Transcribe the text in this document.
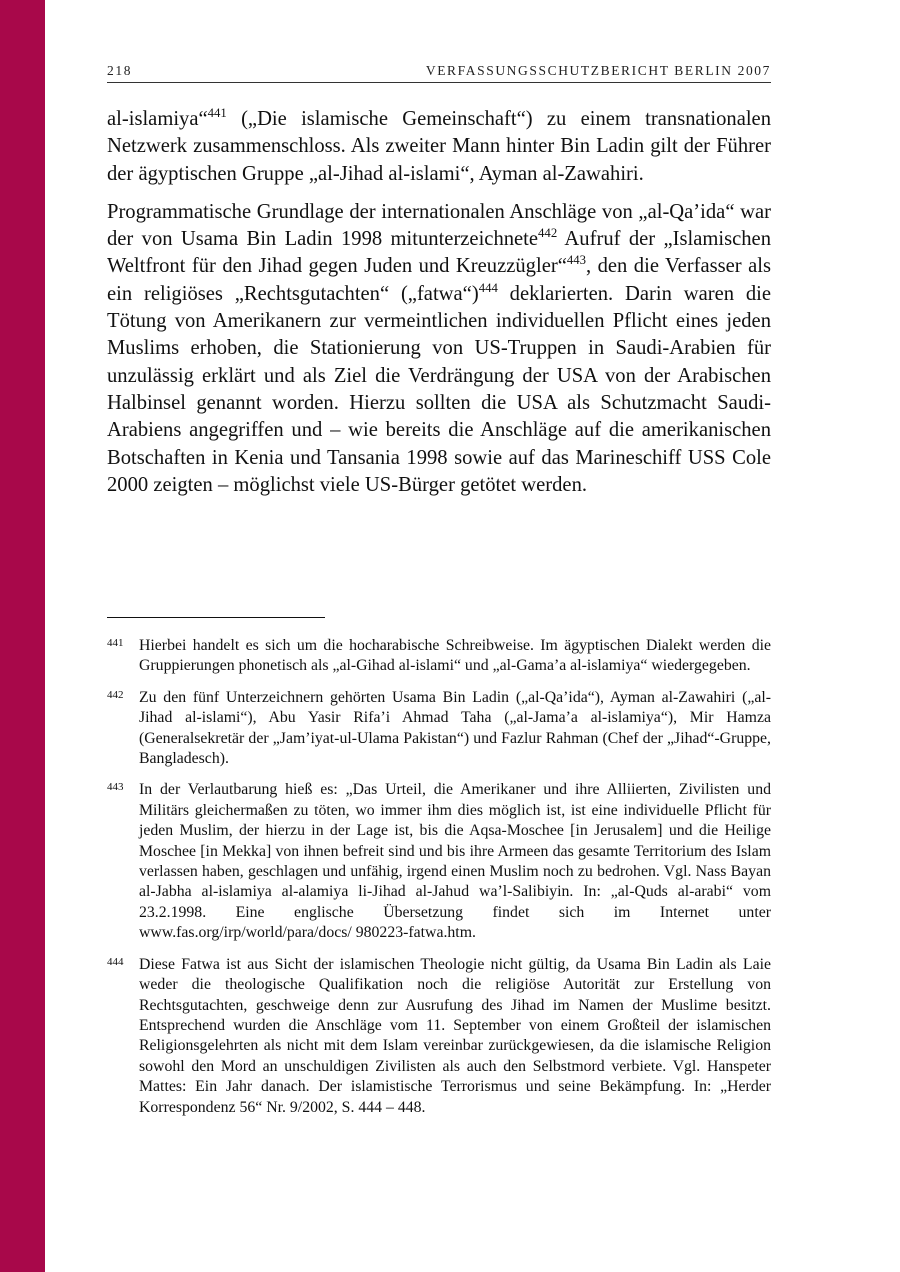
218	VERFASSUNGSSCHUTZBERICHT BERLIN 2007

al-islamiya“$^{441}$ („Die islamische Gemeinschaft“) zu einem transnationalen Netzwerk zusammenschloss. Als zweiter Mann hinter Bin Ladin gilt der Führer der ägyptischen Gruppe „al-Jihad al-islami“, Ayman al-Zawahiri.

Programmatische Grundlage der internationalen Anschläge von „al-Qa’ida“ war der von Usama Bin Ladin 1998 mitunterzeichnete$^{442}$ Aufruf der „Islamischen Weltfront für den Jihad gegen Juden und Kreuzzügler“$^{443}$, den die Verfasser als ein religiöses „Rechtsgutachten“ („fatwa“)$^{444}$ deklarierten. Darin waren die Tötung von Amerikanern zur vermeintlichen individuellen Pflicht eines jeden Muslims erhoben, die Stationierung von US-Truppen in Saudi-Arabien für unzulässig erklärt und als Ziel die Verdrängung der USA von der Arabischen Halbinsel genannt worden. Hierzu sollten die USA als Schutzmacht Saudi-Arabiens angegriffen und – wie bereits die Anschläge auf die amerikanischen Botschaften in Kenia und Tansania 1998 sowie auf das Marineschiff USS Cole 2000 zeigten – möglichst viele US-Bürger getötet werden.

441 Hierbei handelt es sich um die hocharabische Schreibweise. Im ägyptischen Dialekt werden die Gruppierungen phonetisch als „al-Gihad al-islami“ und „al-Gama’a al-islamiya“ wiedergegeben.
442 Zu den fünf Unterzeichnern gehörten Usama Bin Ladin („al-Qa’ida“), Ayman al-Zawahiri („al-Jihad al-islami“), Abu Yasir Rifa’i Ahmad Taha („al-Jama’a al-islamiya“), Mir Hamza (Generalsekretär der „Jam’iyat-ul-Ulama Pakistan“) und Fazlur Rahman (Chef der „Jihad“-Gruppe, Bangladesch).
443 In der Verlautbarung hieß es: „Das Urteil, die Amerikaner und ihre Alliierten, Zivilisten und Militärs gleichermaßen zu töten, wo immer ihm dies möglich ist, ist eine individuelle Pflicht für jeden Muslim, der hierzu in der Lage ist, bis die Aqsa-Moschee [in Jerusalem] und die Heilige Moschee [in Mekka] von ihnen befreit sind und bis ihre Armeen das gesamte Territorium des Islam verlassen haben, geschlagen und unfähig, irgend einen Muslim noch zu bedrohen. Vgl. Nass Bayan al-Jabha al-islamiya al-alamiya li-Jihad al-Jahud wa’l-Salibiyin. In: „al-Quds al-arabi“ vom 23.2.1998. Eine englische Übersetzung findet sich im Internet unter www.fas.org/irp/world/para/docs/ 980223-fatwa.htm.
444 Diese Fatwa ist aus Sicht der islamischen Theologie nicht gültig, da Usama Bin Ladin als Laie weder die theologische Qualifikation noch die religiöse Autorität zur Erstellung von Rechtsgutachten, geschweige denn zur Ausrufung des Jihad im Namen der Muslime besitzt. Entsprechend wurden die Anschläge vom 11. September von einem Großteil der islamischen Religionsgelehrten als nicht mit dem Islam vereinbar zurückgewiesen, da die islamische Religion sowohl den Mord an unschuldigen Zivilisten als auch den Selbstmord verbiete. Vgl. Hanspeter Mattes: Ein Jahr danach. Der islamistische Terrorismus und seine Bekämpfung. In: „Herder Korrespondenz 56“ Nr. 9/2002, S. 444 – 448.
